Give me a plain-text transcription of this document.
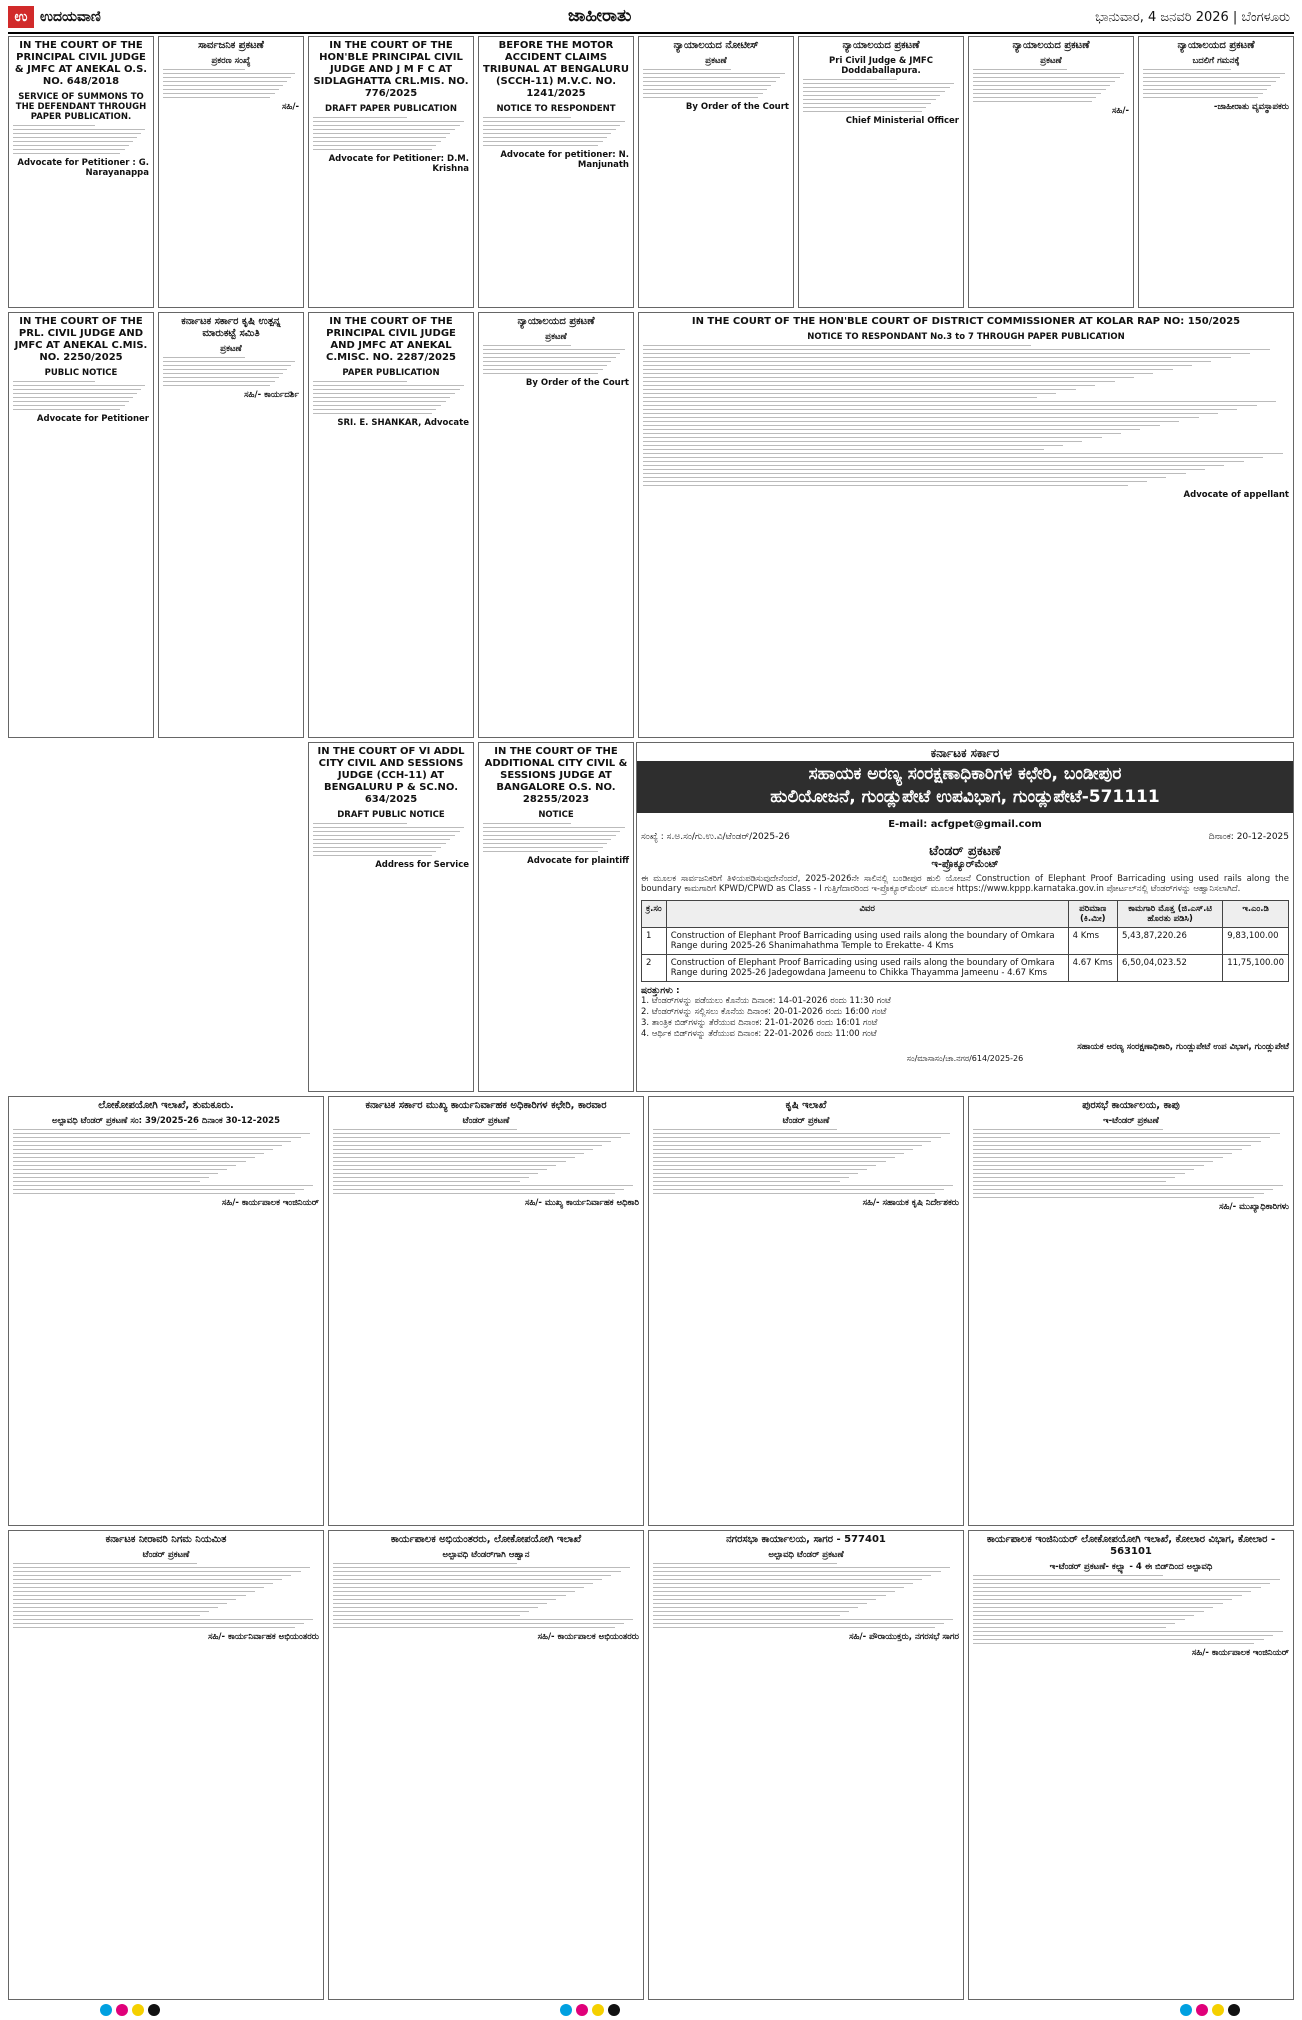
ಉ ಉದಯವಾಣಿ	ಜಾಹೀರಾತು	ಭಾನುವಾರ, 4 ಜನವರಿ 2026 | ಬೆಂಗಳೂರು
IN THE COURT OF THE PRINCIPAL CIVIL JUDGE & JMFC AT ANEKAL O.S. NO. 648/2018
SERVICE OF SUMMONS TO THE DEFENDANT THROUGH PAPER PUBLICATION.
Advocate for Petitioner : G. Narayanappa
ಸಾರ್ವಜನಿಕ ಪ್ರಕಟಣೆ
ಪ್ರಕರಣ ಸಂಖ್ಯೆ
ಸಹಿ/-
IN THE COURT OF THE HON'BLE PRINCIPAL CIVIL JUDGE AND J M F C AT SIDLAGHATTA CRL.MIS. NO. 776/2025
DRAFT PAPER PUBLICATION
Advocate for Petitioner: D.M. Krishna
BEFORE THE MOTOR ACCIDENT CLAIMS TRIBUNAL AT BENGALURU (SCCH-11) M.V.C. NO. 1241/2025
NOTICE TO RESPONDENT
Advocate for petitioner: N. Manjunath
ನ್ಯಾಯಾಲಯದ ನೋಟೀಸ್
ಪ್ರಕಟಣೆ
By Order of the Court
ನ್ಯಾಯಾಲಯದ ಪ್ರಕಟಣೆ
Pri Civil Judge & JMFC Doddaballapura.
Chief Ministerial Officer
ನ್ಯಾಯಾಲಯದ ಪ್ರಕಟಣೆ
ಪ್ರಕಟಣೆ
ಸಹಿ/-
ನ್ಯಾಯಾಲಯದ ಪ್ರಕಟಣೆ
ಬದಲಿಗೆ ಗಮನಕ್ಕೆ
-ಜಾಹೀರಾತು ವ್ಯವಸ್ಥಾಪಕರು
IN THE COURT OF THE PRL. CIVIL JUDGE AND JMFC AT ANEKAL C.MIS. NO. 2250/2025
PUBLIC NOTICE
Advocate for Petitioner
ಕರ್ನಾಟಕ ಸರ್ಕಾರ ಕೃಷಿ ಉತ್ಪನ್ನ ಮಾರುಕಟ್ಟೆ ಸಮಿತಿ
ಪ್ರಕಟಣೆ
ಸಹಿ/- ಕಾರ್ಯದರ್ಶಿ
IN THE COURT OF THE PRINCIPAL CIVIL JUDGE AND JMFC AT ANEKAL C.MISC. NO. 2287/2025
PAPER PUBLICATION
SRI. E. SHANKAR, Advocate
ನ್ಯಾಯಾಲಯದ ಪ್ರಕಟಣೆ
ಪ್ರಕಟಣೆ
By Order of the Court
IN THE COURT OF THE HON'BLE COURT OF DISTRICT COMMISSIONER AT KOLAR RAP NO: 150/2025
NOTICE TO RESPONDANT No.3 to 7 THROUGH PAPER PUBLICATION
Advocate of appellant
IN THE COURT OF VI ADDL CITY CIVIL AND SESSIONS JUDGE (CCH-11) AT BENGALURU P & SC.NO. 634/2025
DRAFT PUBLIC NOTICE
Address for Service
IN THE COURT OF THE ADDITIONAL CITY CIVIL & SESSIONS JUDGE AT BANGALORE O.S. NO. 28255/2023
NOTICE
Advocate for plaintiff
ಕರ್ನಾಟಕ ಸರ್ಕಾರ
ಸಹಾಯಕ ಅರಣ್ಯ ಸಂರಕ್ಷಣಾಧಿಕಾರಿಗಳ ಕಛೇರಿ, ಬಂಡೀಪುರ
ಹುಲಿಯೋಜನೆ, ಗುಂಡ್ಲುಪೇಟೆ ಉಪವಿಭಾಗ, ಗುಂಡ್ಲುಪೇಟೆ-571111
E-mail: acfgpet@gmail.com
ಸಂಖ್ಯೆ : ಸ.ಅ.ಸಂ/ಗು.ಉ.ವಿ/ಟೆಂಡರ್/2025-26	ದಿನಾಂಕ: 20-12-2025
ಟೆಂಡರ್ ಪ್ರಕಟಣೆ
ಇ-ಪ್ರೊಕ್ಯೂರ್‌ಮೆಂಟ್
ಈ ಮೂಲಕ ಸಾರ್ವಜನಿಕರಿಗೆ ತಿಳಿಯಪಡಿಸುವುದೇನೆಂದರೆ, 2025-2026ನೇ ಸಾಲಿನಲ್ಲಿ ಬಂಡೀಪುರ ಹುಲಿ ಯೋಜನೆ Construction of Elephant Proof Barricading using used rails along the boundary ಕಾಮಗಾರಿಗೆ KPWD/CPWD as Class - I ಗುತ್ತಿಗೆದಾರರಿಂದ ಇ-ಪ್ರೊಕ್ಯೂರ್‌ಮೆಂಟ್ ಮೂಲಕ https://www.kppp.karnataka.gov.in ಪೋರ್ಟಲ್‌ನಲ್ಲಿ ಟೆಂಡರ್‌ಗಳನ್ನು ಆಹ್ವಾನಿಸಲಾಗಿದೆ.
ಕ್ರ.ಸಂ	ವಿವರ	ಪರಿಮಾಣ (ಕಿ.ಮೀ)	ಕಾಮಗಾರಿ ಮೊತ್ತ (ಜಿ.ಎಸ್.ಟಿ ಹೊರತು ಪಡಿಸಿ)	ಇ.ಎಂ.ಡಿ
1	Construction of Elephant Proof Barricading using used rails along the boundary of Omkara Range during 2025-26 Shanimahathma Temple to Erekatte- 4 Kms	4 Kms	5,43,87,220.26	9,83,100.00
2	Construction of Elephant Proof Barricading using used rails along the boundary of Omkara Range during 2025-26 Jadegowdana Jameenu to Chikka Thayamma Jameenu - 4.67 Kms	4.67 Kms	6,50,04,023.52	11,75,100.00
ಷರತ್ತುಗಳು :
1. ಟೆಂಡರ್‌ಗಳನ್ನು ಪಡೆಯಲು ಕೊನೆಯ ದಿನಾಂಕ: 14-01-2026 ರಂದು 11:30 ಗಂಟೆ
2. ಟೆಂಡರ್‌ಗಳನ್ನು ಸಲ್ಲಿಸಲು ಕೊನೆಯ ದಿನಾಂಕ: 20-01-2026 ರಂದು 16:00 ಗಂಟೆ
3. ತಾಂತ್ರಿಕ ಬಿಡ್‌ಗಳನ್ನು ತೆರೆಯುವ ದಿನಾಂಕ: 21-01-2026 ರಂದು 16:01 ಗಂಟೆ
4. ಆರ್ಥಿಕ ಬಿಡ್‌ಗಳನ್ನು ತೆರೆಯುವ ದಿನಾಂಕ: 22-01-2026 ರಂದು 11:00 ಗಂಟೆ
ಸಹಾಯಕ ಅರಣ್ಯ ಸಂರಕ್ಷಣಾಧಿಕಾರಿ, ಗುಂಡ್ಲುಪೇಟೆ ಉಪ ವಿಭಾಗ, ಗುಂಡ್ಲುಪೇಟೆ
ಸಂ/ಮಾಸಾಸಂ/ಚಾ.ನಗರ/614/2025-26
ಲೋಕೋಪಯೋಗಿ ಇಲಾಖೆ, ತುಮಕೂರು.
ಅಲ್ಪಾವಧಿ ಟೆಂಡರ್ ಪ್ರಕಟಣೆ ಸಂ: 39/2025-26 ದಿನಾಂಕ 30-12-2025
ಸಹಿ/- ಕಾರ್ಯಪಾಲಕ ಇಂಜಿನಿಯರ್
ಕರ್ನಾಟಕ ಸರ್ಕಾರ ಮುಖ್ಯ ಕಾರ್ಯನಿರ್ವಾಹಕ ಅಧಿಕಾರಿಗಳ ಕಛೇರಿ, ಕಾರವಾರ
ಟೆಂಡರ್ ಪ್ರಕಟಣೆ
ಸಹಿ/- ಮುಖ್ಯ ಕಾರ್ಯನಿರ್ವಾಹಕ ಅಧಿಕಾರಿ
ಕೃಷಿ ಇಲಾಖೆ
ಟೆಂಡರ್ ಪ್ರಕಟಣೆ
ಸಹಿ/- ಸಹಾಯಕ ಕೃಷಿ ನಿರ್ದೇಶಕರು
ಪುರಸಭೆ ಕಾರ್ಯಾಲಯ, ಕಾಪು
ಇ-ಟೆಂಡರ್ ಪ್ರಕಟಣೆ
ಸಹಿ/- ಮುಖ್ಯಾಧಿಕಾರಿಗಳು
ಕರ್ನಾಟಕ ನೀರಾವರಿ ನಿಗಮ ನಿಯಮಿತ
ಟೆಂಡರ್ ಪ್ರಕಟಣೆ
ಸಹಿ/- ಕಾರ್ಯನಿರ್ವಾಹಕ ಅಭಿಯಂತರರು
ಕಾರ್ಯಪಾಲಕ ಅಭಿಯಂತರರು, ಲೋಕೋಪಯೋಗಿ ಇಲಾಖೆ
ಅಲ್ಪಾವಧಿ ಟೆಂಡರ್‌ಗಾಗಿ ಆಹ್ವಾನ
ಸಹಿ/- ಕಾರ್ಯಪಾಲಕ ಅಭಿಯಂತರರು
ನಗರಸಭಾ ಕಾರ್ಯಾಲಯ, ಸಾಗರ - 577401
ಅಲ್ಪಾವಧಿ ಟೆಂಡರ್ ಪ್ರಕಟಣೆ
ಸಹಿ/- ಪೌರಾಯುಕ್ತರು, ನಗರಸಭೆ ಸಾಗರ
ಕಾರ್ಯಪಾಲಕ ಇಂಜಿನಿಯರ್ ಲೋಕೋಪಯೋಗಿ ಇಲಾಖೆ, ಕೋಲಾರ ವಿಭಾಗ, ಕೋಲಾರ - 563101
ಇ-ಟೆಂಡರ್ ಪ್ರಕಟಣೆ- ಕಲ್ಪ್ಯಾ - 4 ಈ ಬಿಡ್‌ದಿಂದ ಅಲ್ಪಾವಧಿ
ಸಹಿ/- ಕಾರ್ಯಪಾಲಕ ಇಂಜಿನಿಯರ್
